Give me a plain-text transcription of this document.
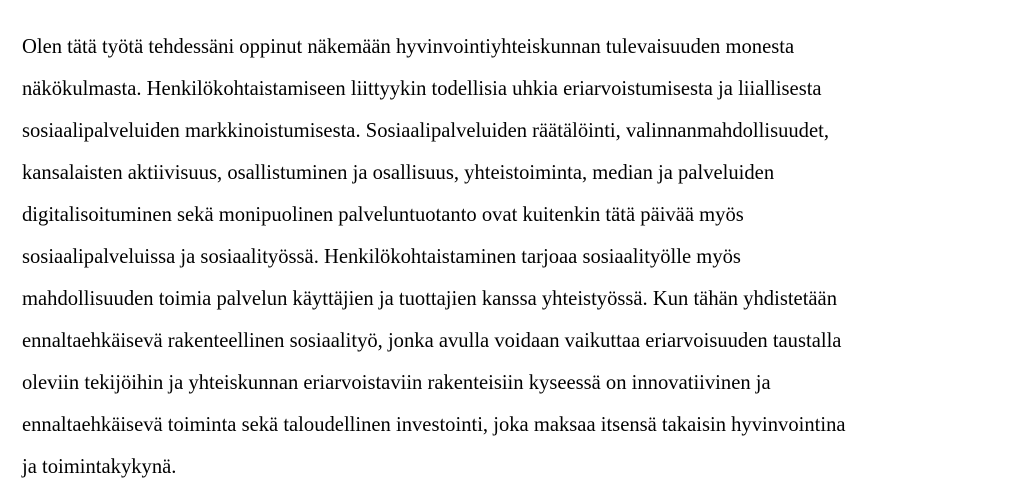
Olen tätä työtä tehdessäni oppinut näkemään hyvinvointiyhteiskunnan tulevaisuuden monesta
näkökulmasta. Henkilökohtaistamiseen liittyykin todellisia uhkia eriarvoistumisesta ja liiallisesta
sosiaalipalveluiden markkinoistumisesta. Sosiaalipalveluiden räätälöinti, valinnanmahdollisuudet,
kansalaisten aktiivisuus, osallistuminen ja osallisuus, yhteistoiminta, median ja palveluiden
digitalisoituminen sekä monipuolinen palveluntuotanto ovat kuitenkin tätä päivää myös
sosiaalipalveluissa ja sosiaalityössä. Henkilökohtaistaminen tarjoaa sosiaalityölle myös
mahdollisuuden toimia palvelun käyttäjien ja tuottajien kanssa yhteistyössä. Kun tähän yhdistetään
ennaltaehkäisevä rakenteellinen sosiaalityö, jonka avulla voidaan vaikuttaa eriarvoisuuden taustalla
oleviin tekijöihin ja yhteiskunnan eriarvoistaviin rakenteisiin kyseessä on innovatiivinen ja
ennaltaehkäisevä toiminta sekä taloudellinen investointi, joka maksaa itsensä takaisin hyvinvointina
ja toimintakykynä.
